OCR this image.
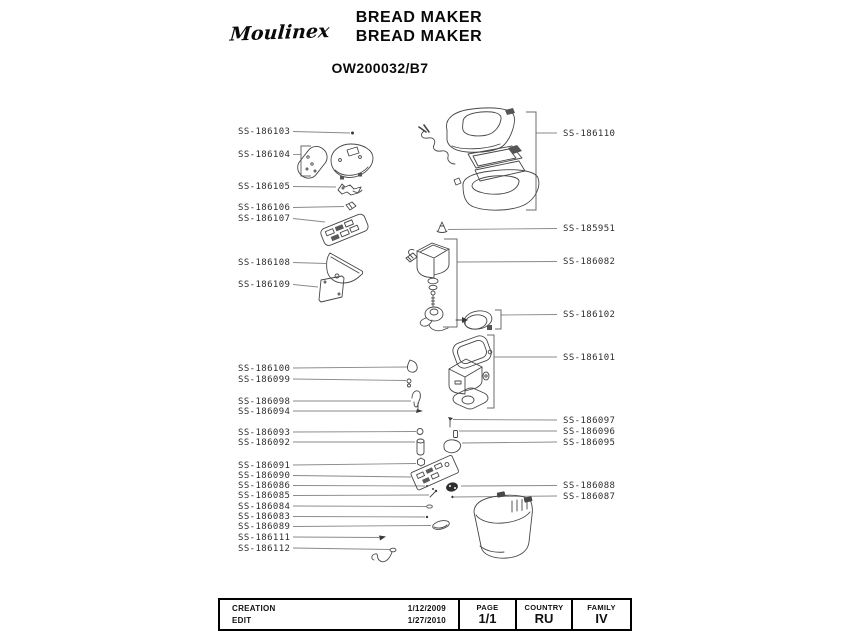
Moulinex
BREAD MAKER
BREAD MAKER
OW200032/B7
SS-186103
SS-186104
SS-186105
SS-186106
SS-186107
SS-186108
SS-186109
SS-186100
SS-186099
SS-186098
SS-186094
SS-186093
SS-186092
SS-186091
SS-186090
SS-186086
SS-186085
SS-186084
SS-186083
SS-186089
SS-186111
SS-186112
SS-186110
SS-185951
SS-186082
SS-186102
SS-186101
SS-186097
SS-186096
SS-186095
SS-186088
SS-186087
CREATION	1/12/2009
EDIT	1/27/2010
PAGE
1/1
COUNTRY
RU
FAMILY
IV
